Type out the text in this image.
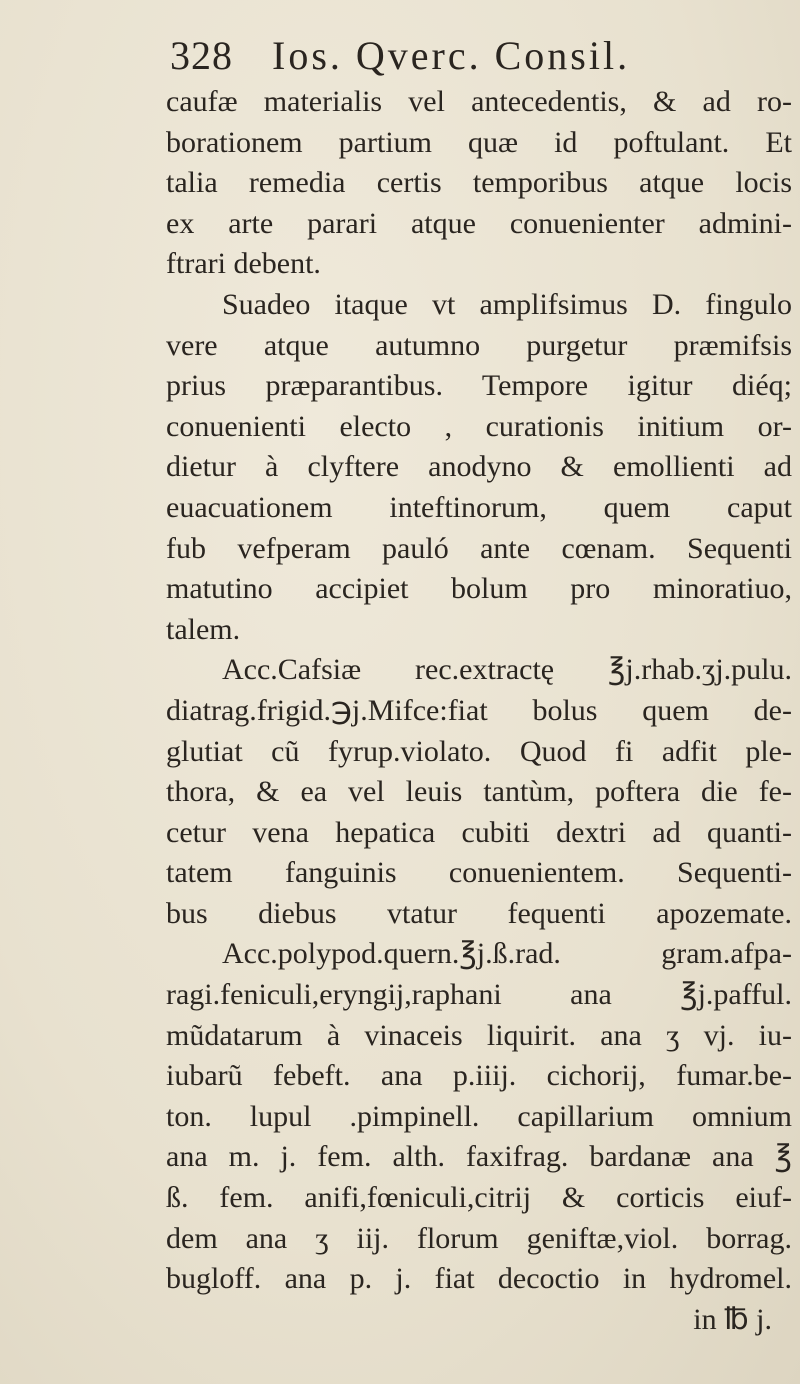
328 Ios. Qverc. Consil.
caufæ materialis vel antecedentis, & ad ro-
borationem partium quæ id poftulant. Et
talia remedia certis temporibus atque locis
ex arte parari atque conuenienter admini-
ftrari debent.
Suadeo itaque vt amplifsimus D. fingulo
vere atque autumno purgetur præmifsis
prius præparantibus. Tempore igitur diéq;
conuenienti electo , curationis initium or-
dietur à clyftere anodyno & emollienti ad
euacuationem inteftinorum, quem caput
fub vefperam pauló ante cœnam. Sequenti
matutino accipiet bolum pro minoratiuo,
talem.
Acc.Cafsiæ rec.extractę ℥j.rhab.ʒj.pulu.
diatrag.frigid.℈j.Mifce:fiat bolus quem de-
glutiat cũ fyrup.violato. Quod fi adfit ple-
thora, & ea vel leuis tantùm, poftera die fe-
cetur vena hepatica cubiti dextri ad quanti-
tatem fanguinis conuenientem. Sequenti-
bus diebus vtatur fequenti apozemate.
Acc.polypod.quern.℥j.ß.rad. gram.afpa-
ragi.feniculi,eryngij,raphani ana ℥j.pafful.
mũdatarum à vinaceis liquirit. ana ʒ vj. iu-
iubarũ febeft. ana p.iiij. cichorij, fumar.be-
ton. lupul .pimpinell. capillarium omnium
ana m. j. fem. alth. faxifrag. bardanæ ana ℥
ß. fem. anifi,fœniculi,citrij & corticis eiuf-
dem ana ʒ iij. florum geniftæ,viol. borrag.
bugloff. ana p. j. fiat decoctio in hydromel.
in ℔ j.
